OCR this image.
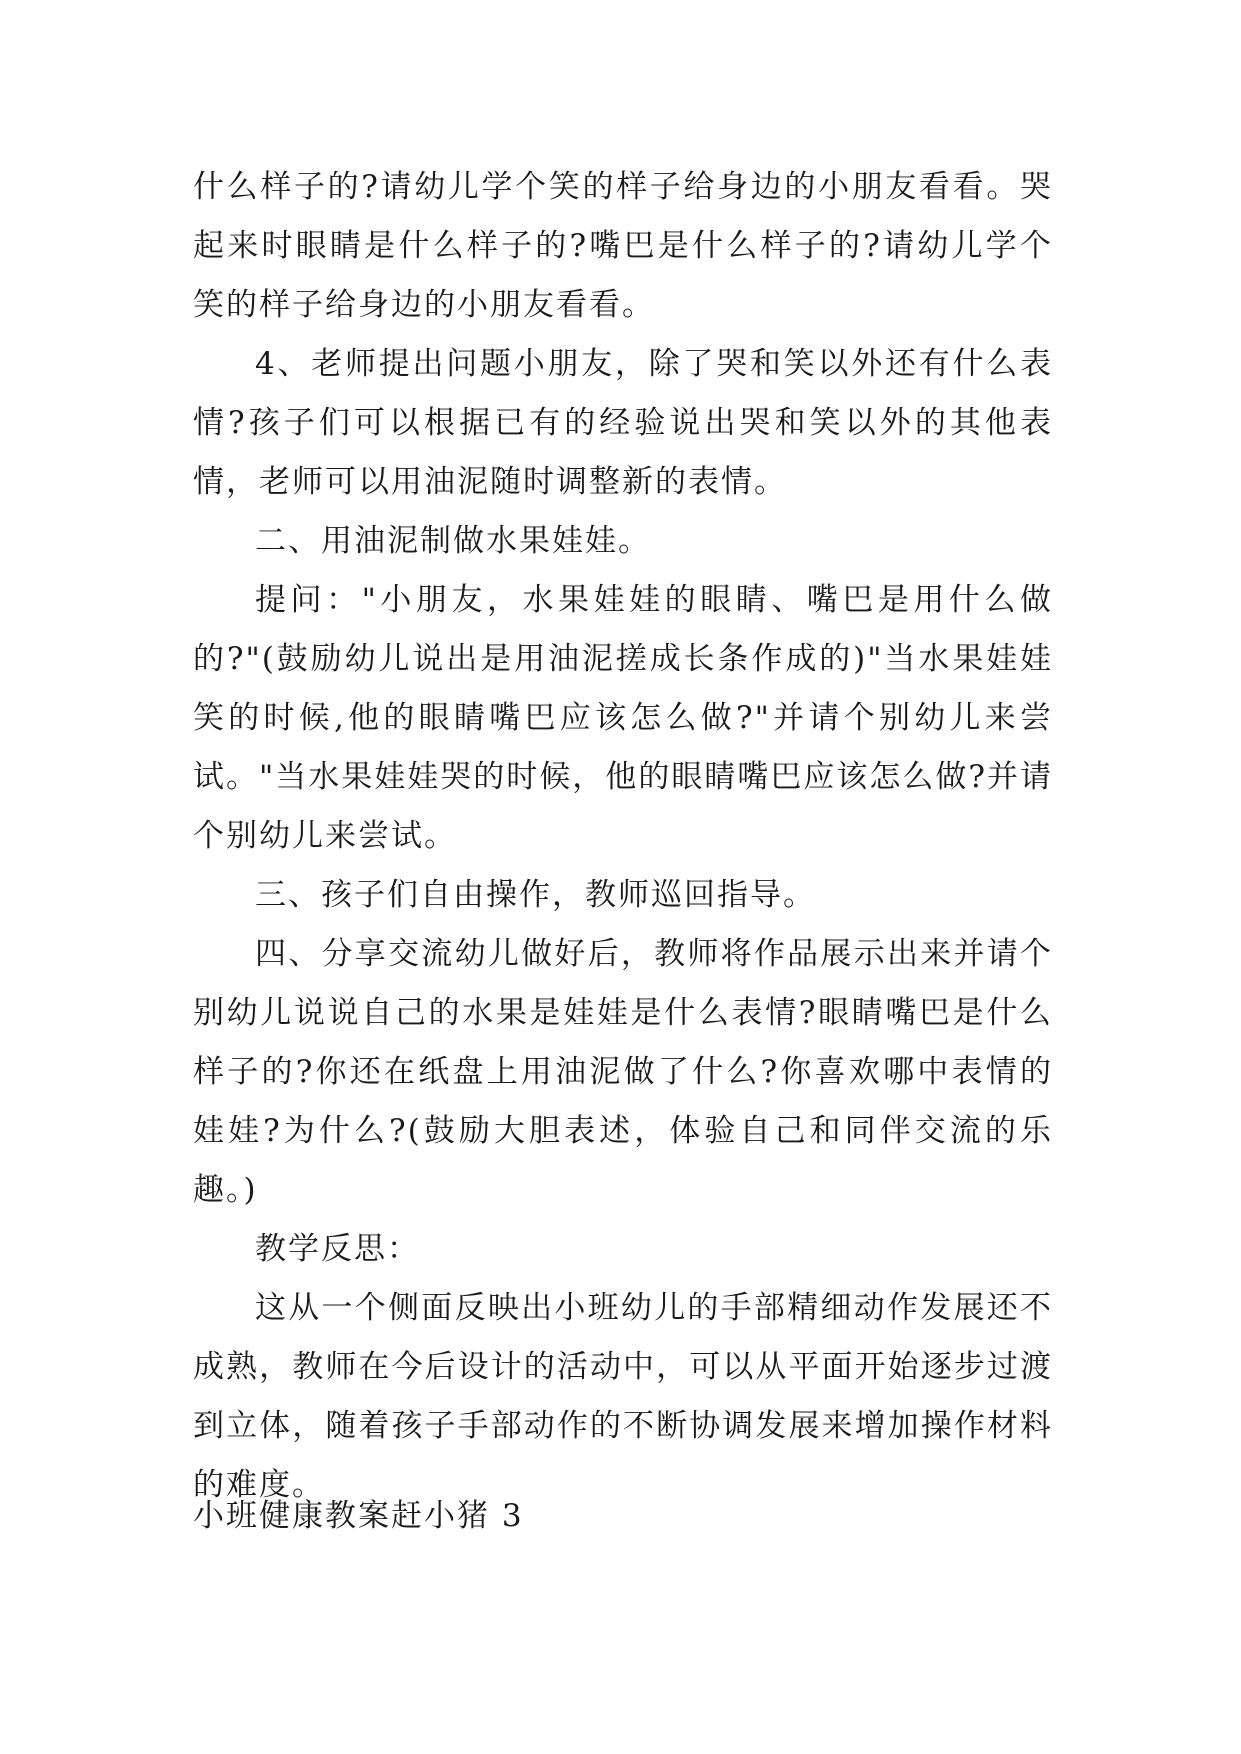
什么样子的?请幼儿学个笑的样子给身边的小朋友看看。哭起来时眼睛是什么样子的?嘴巴是什么样子的?请幼儿学个笑的样子给身边的小朋友看看。

4、老师提出问题小朋友，除了哭和笑以外还有什么表情?孩子们可以根据已有的经验说出哭和笑以外的其他表情，老师可以用油泥随时调整新的表情。

二、用油泥制做水果娃娃。

提问："小朋友，水果娃娃的眼睛、嘴巴是用什么做的?"(鼓励幼儿说出是用油泥搓成长条作成的)"当水果娃娃笑的时候,他的眼睛嘴巴应该怎么做?"并请个别幼儿来尝试。"当水果娃娃哭的时候，他的眼睛嘴巴应该怎么做?并请个别幼儿来尝试。

三、孩子们自由操作，教师巡回指导。

四、分享交流幼儿做好后，教师将作品展示出来并请个别幼儿说说自己的水果是娃娃是什么表情?眼睛嘴巴是什么样子的?你还在纸盘上用油泥做了什么?你喜欢哪中表情的娃娃?为什么?(鼓励大胆表述，体验自己和同伴交流的乐趣。)

教学反思：

这从一个侧面反映出小班幼儿的手部精细动作发展还不成熟，教师在今后设计的活动中，可以从平面开始逐步过渡到立体，随着孩子手部动作的不断协调发展来增加操作材料的难度。

小班健康教案赶小猪 3
